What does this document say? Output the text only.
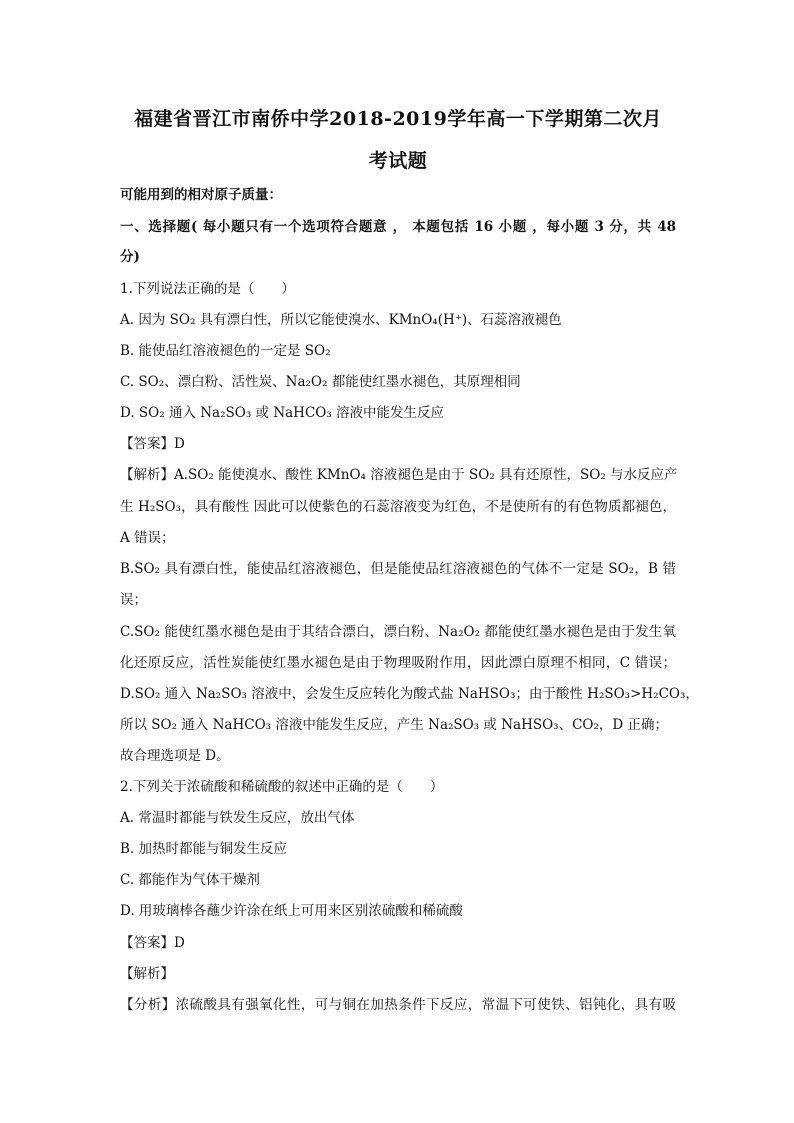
福建省晋江市南侨中学2018-2019学年高一下学期第二次月
考试题
可能用到的相对原子质量：
一、选择题( 每小题只有一个选项符合题意 ， 本题包括 16 小题 ，每小题 3 分，共 48
分)
1.下列说法正确的是（　　）
A. 因为 SO₂ 具有漂白性，所以它能使溴水、KMnO₄(H⁺)、石蕊溶液褪色
B. 能使品红溶液褪色的一定是 SO₂
C. SO₂、漂白粉、活性炭、Na₂O₂ 都能使红墨水褪色，其原理相同
D. SO₂ 通入 Na₂SO₃ 或 NaHCO₃ 溶液中能发生反应
【答案】D
【解析】A.SO₂ 能使溴水、酸性 KMnO₄ 溶液褪色是由于 SO₂ 具有还原性，SO₂ 与水反应产
生 H₂SO₃，具有酸性 因此可以使紫色的石蕊溶液变为红色，不是使所有的有色物质都褪色，
A 错误；
B.SO₂ 具有漂白性，能使品红溶液褪色，但是能使品红溶液褪色的气体不一定是 SO₂，B 错
误；
C.SO₂ 能使红墨水褪色是由于其结合漂白，漂白粉、Na₂O₂ 都能使红墨水褪色是由于发生氧
化还原反应，活性炭能使红墨水褪色是由于物理吸附作用，因此漂白原理不相同，C 错误；
D.SO₂ 通入 Na₂SO₃ 溶液中，会发生反应转化为酸式盐 NaHSO₃；由于酸性 H₂SO₃>H₂CO₃，
所以 SO₂ 通入 NaHCO₃ 溶液中能发生反应，产生 Na₂SO₃ 或 NaHSO₃、CO₂，D 正确；
故合理选项是 D。
2.下列关于浓硫酸和稀硫酸的叙述中正确的是（　　）
A. 常温时都能与铁发生反应，放出气体
B. 加热时都能与铜发生反应
C. 都能作为气体干燥剂
D. 用玻璃棒各蘸少许涂在纸上可用来区别浓硫酸和稀硫酸
【答案】D
【解析】
【分析】浓硫酸具有强氧化性，可与铜在加热条件下反应，常温下可使铁、铝钝化，具有吸
